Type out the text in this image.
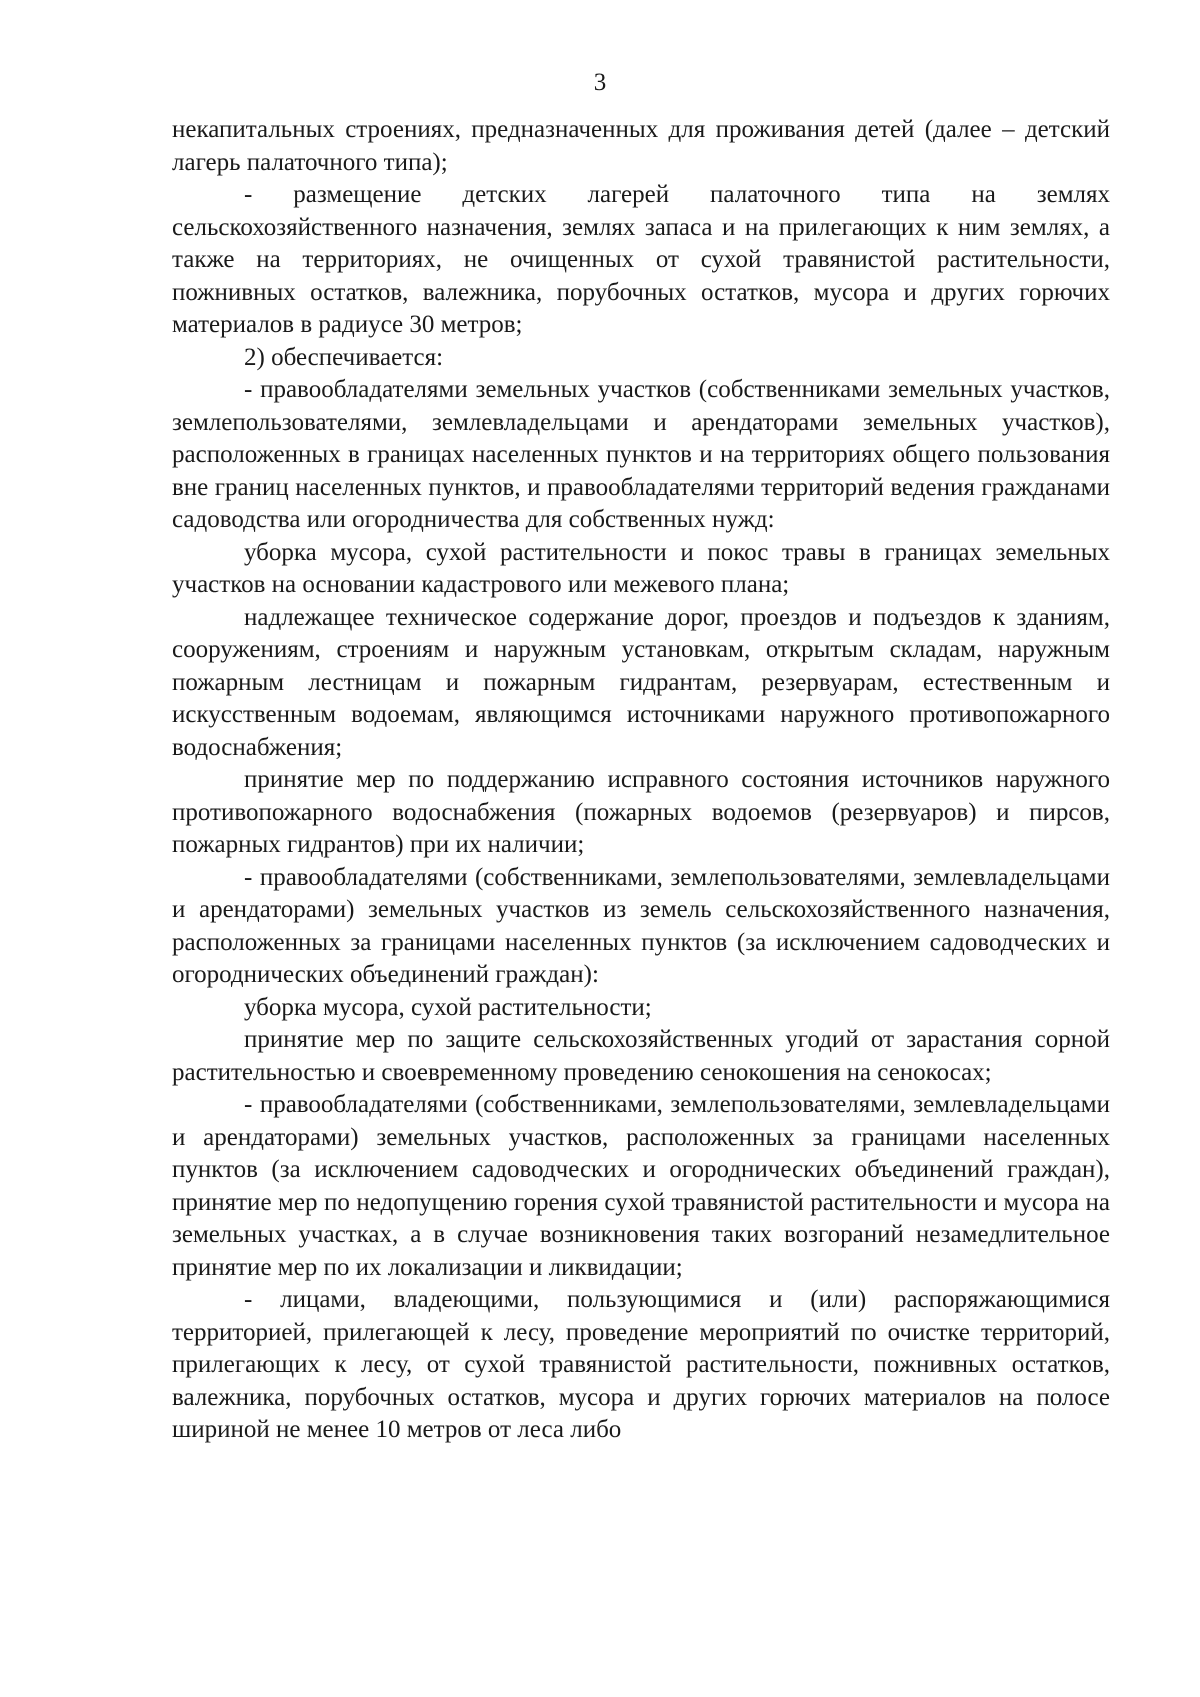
3

некапитальных строениях, предназначенных для проживания детей (далее – детский лагерь палаточного типа);

- размещение детских лагерей палаточного типа на землях сельскохозяйственного назначения, землях запаса и на прилегающих к ним землях, а также на территориях, не очищенных от сухой травянистой растительности, пожнивных остатков, валежника, порубочных остатков, мусора и других горючих материалов в радиусе 30 метров;

2) обеспечивается:

- правообладателями земельных участков (собственниками земельных участков, землепользователями, землевладельцами и арендаторами земельных участков), расположенных в границах населенных пунктов и на территориях общего пользования вне границ населенных пунктов, и правообладателями территорий ведения гражданами садоводства или огородничества для собственных нужд:

уборка мусора, сухой растительности и покос травы в границах земельных участков на основании кадастрового или межевого плана;

надлежащее техническое содержание дорог, проездов и подъездов к зданиям, сооружениям, строениям и наружным установкам, открытым складам, наружным пожарным лестницам и пожарным гидрантам, резервуарам, естественным и искусственным водоемам, являющимся источниками наружного противопожарного водоснабжения;

принятие мер по поддержанию исправного состояния источников наружного противопожарного водоснабжения (пожарных водоемов (резервуаров) и пирсов, пожарных гидрантов) при их наличии;

- правообладателями (собственниками, землепользователями, землевладельцами и арендаторами) земельных участков из земель сельскохозяйственного назначения, расположенных за границами населенных пунктов (за исключением садоводческих и огороднических объединений граждан):

уборка мусора, сухой растительности;

принятие мер по защите сельскохозяйственных угодий от зарастания сорной растительностью и своевременному проведению сенокошения на сенокосах;

- правообладателями (собственниками, землепользователями, землевладельцами и арендаторами) земельных участков, расположенных за границами населенных пунктов (за исключением садоводческих и огороднических объединений граждан), принятие мер по недопущению горения сухой травянистой растительности и мусора на земельных участках, а в случае возникновения таких возгораний незамедлительное принятие мер по их локализации и ликвидации;

- лицами, владеющими, пользующимися и (или) распоряжающимися территорией, прилегающей к лесу, проведение мероприятий по очистке территорий, прилегающих к лесу, от сухой травянистой растительности, пожнивных остатков, валежника, порубочных остатков, мусора и других горючих материалов на полосе шириной не менее 10 метров от леса либо
